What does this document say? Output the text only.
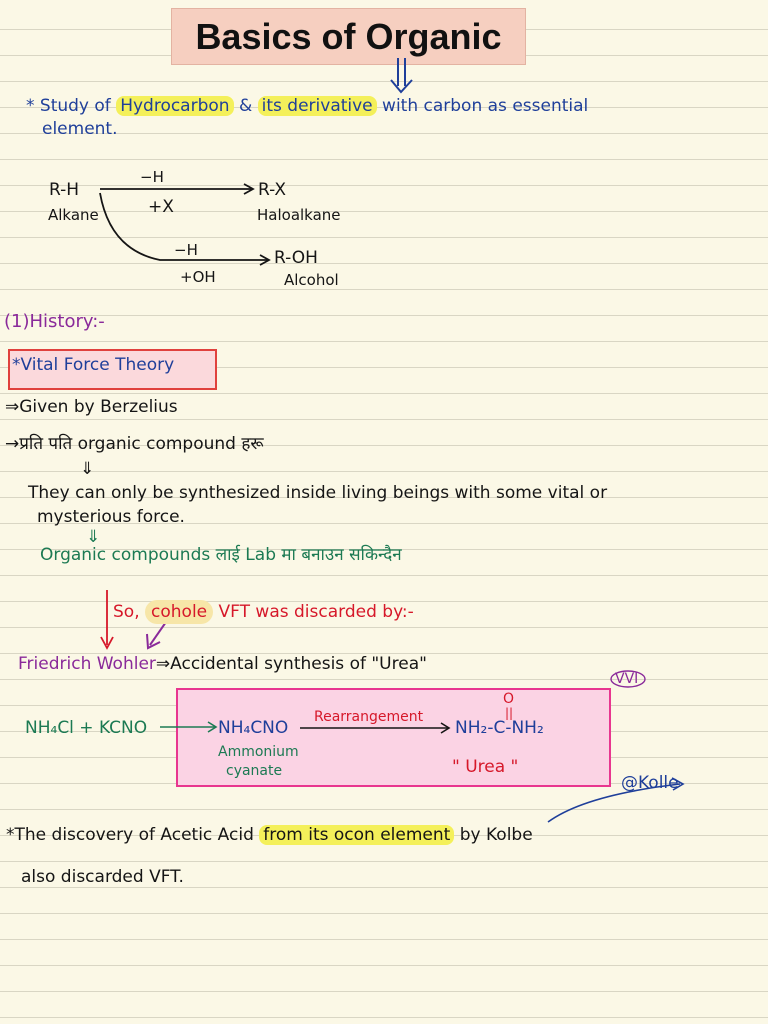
Basics of Organic
* Study of Hydrocarbon & its derivative with carbon as essential
element.
R-H
Alkane
−H
+X
R-X
Haloalkane
−H
+OH
R-OH
Alcohol
(1)History:-
*Vital Force Theory
⇒Given by Berzelius
→प्रति पति organic compound हरू
⇓
They can only be synthesized inside living beings with some vital or
mysterious force.
⇓
Organic compounds लाई Lab मा बनाउन सकिन्दैन
So, cohole VFT was discarded by:-
Friedrich Wohler⇒Accidental synthesis of "Urea"
VVI
NH₄Cl + KCNO	NH₄CNO
Ammonium
cyanate
Rearrangement
O
||
NH₂-C-NH₂
" Urea "
@Kolle
*The discovery of Acetic Acid from its ocon element by Kolbe
also discarded VFT.
